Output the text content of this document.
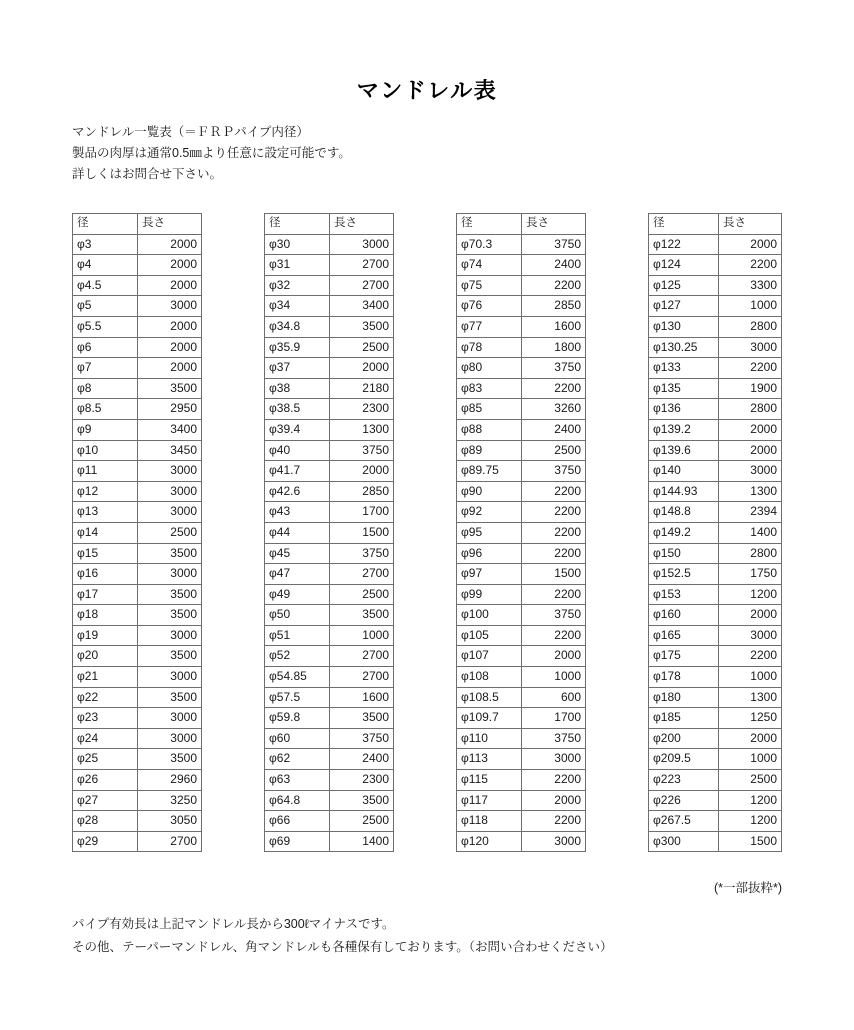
マンドレル表
マンドレル一覧表（＝ＦＲＰパイプ内径）
製品の肉厚は通常0.5㎜より任意に設定可能です。
詳しくはお問合せ下さい。
径	長さ
φ3	2000
φ4	2000
φ4.5	2000
φ5	3000
φ5.5	2000
φ6	2000
φ7	2000
φ8	3500
φ8.5	2950
φ9	3400
φ10	3450
φ11	3000
φ12	3000
φ13	3000
φ14	2500
φ15	3500
φ16	3000
φ17	3500
φ18	3500
φ19	3000
φ20	3500
φ21	3000
φ22	3500
φ23	3000
φ24	3000
φ25	3500
φ26	2960
φ27	3250
φ28	3050
φ29	2700
径	長さ
φ30	3000
φ31	2700
φ32	2700
φ34	3400
φ34.8	3500
φ35.9	2500
φ37	2000
φ38	2180
φ38.5	2300
φ39.4	1300
φ40	3750
φ41.7	2000
φ42.6	2850
φ43	1700
φ44	1500
φ45	3750
φ47	2700
φ49	2500
φ50	3500
φ51	1000
φ52	2700
φ54.85	2700
φ57.5	1600
φ59.8	3500
φ60	3750
φ62	2400
φ63	2300
φ64.8	3500
φ66	2500
φ69	1400
径	長さ
φ70.3	3750
φ74	2400
φ75	2200
φ76	2850
φ77	1600
φ78	1800
φ80	3750
φ83	2200
φ85	3260
φ88	2400
φ89	2500
φ89.75	3750
φ90	2200
φ92	2200
φ95	2200
φ96	2200
φ97	1500
φ99	2200
φ100	3750
φ105	2200
φ107	2000
φ108	1000
φ108.5	600
φ109.7	1700
φ110	3750
φ113	3000
φ115	2200
φ117	2000
φ118	2200
φ120	3000
径	長さ
φ122	2000
φ124	2200
φ125	3300
φ127	1000
φ130	2800
φ130.25	3000
φ133	2200
φ135	1900
φ136	2800
φ139.2	2000
φ139.6	2000
φ140	3000
φ144.93	1300
φ148.8	2394
φ149.2	1400
φ150	2800
φ152.5	1750
φ153	1200
φ160	2000
φ165	3000
φ175	2200
φ178	1000
φ180	1300
φ185	1250
φ200	2000
φ209.5	1000
φ223	2500
φ226	1200
φ267.5	1200
φ300	1500
(*一部抜粋*)
パイプ有効長は上記マンドレル長から300ℓマイナスです。
その他、テーパーマンドレル、角マンドレルも各種保有しております。（お問い合わせください）
